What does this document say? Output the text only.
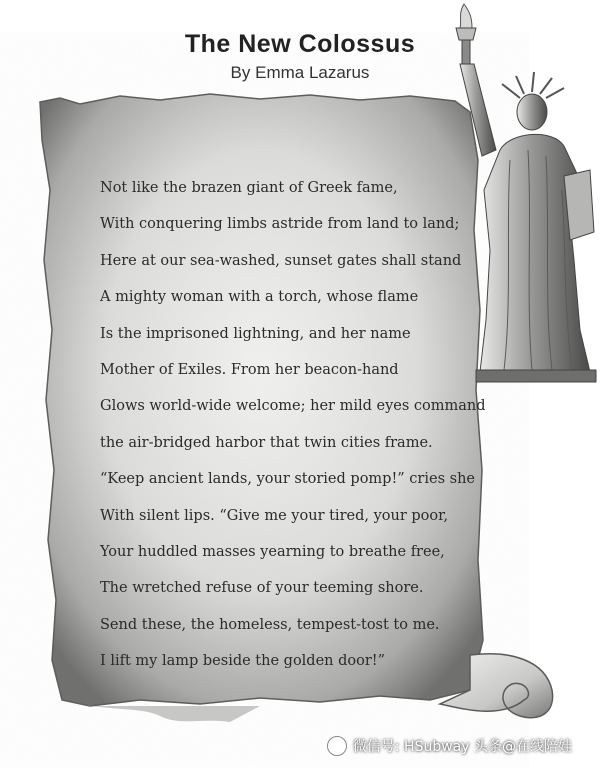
The New Colossus
By Emma Lazarus
Not like the brazen giant of Greek fame,
With conquering limbs astride from land to land;
Here at our sea-washed, sunset gates shall stand
A mighty woman with a torch, whose flame
Is the imprisoned lightning, and her name
Mother of Exiles. From her beacon-hand
Glows world-wide welcome; her mild eyes command
the air-bridged harbor that twin cities frame.
“Keep ancient lands, your storied pomp!” cries she
With silent lips. “Give me your tired, your poor,
Your huddled masses yearning to breathe free,
The wretched refuse of your teeming shore.
Send these, the homeless, tempest-tost to me.
I lift my lamp beside the golden door!”
微信号: HSubway 头条@在线陪娃
